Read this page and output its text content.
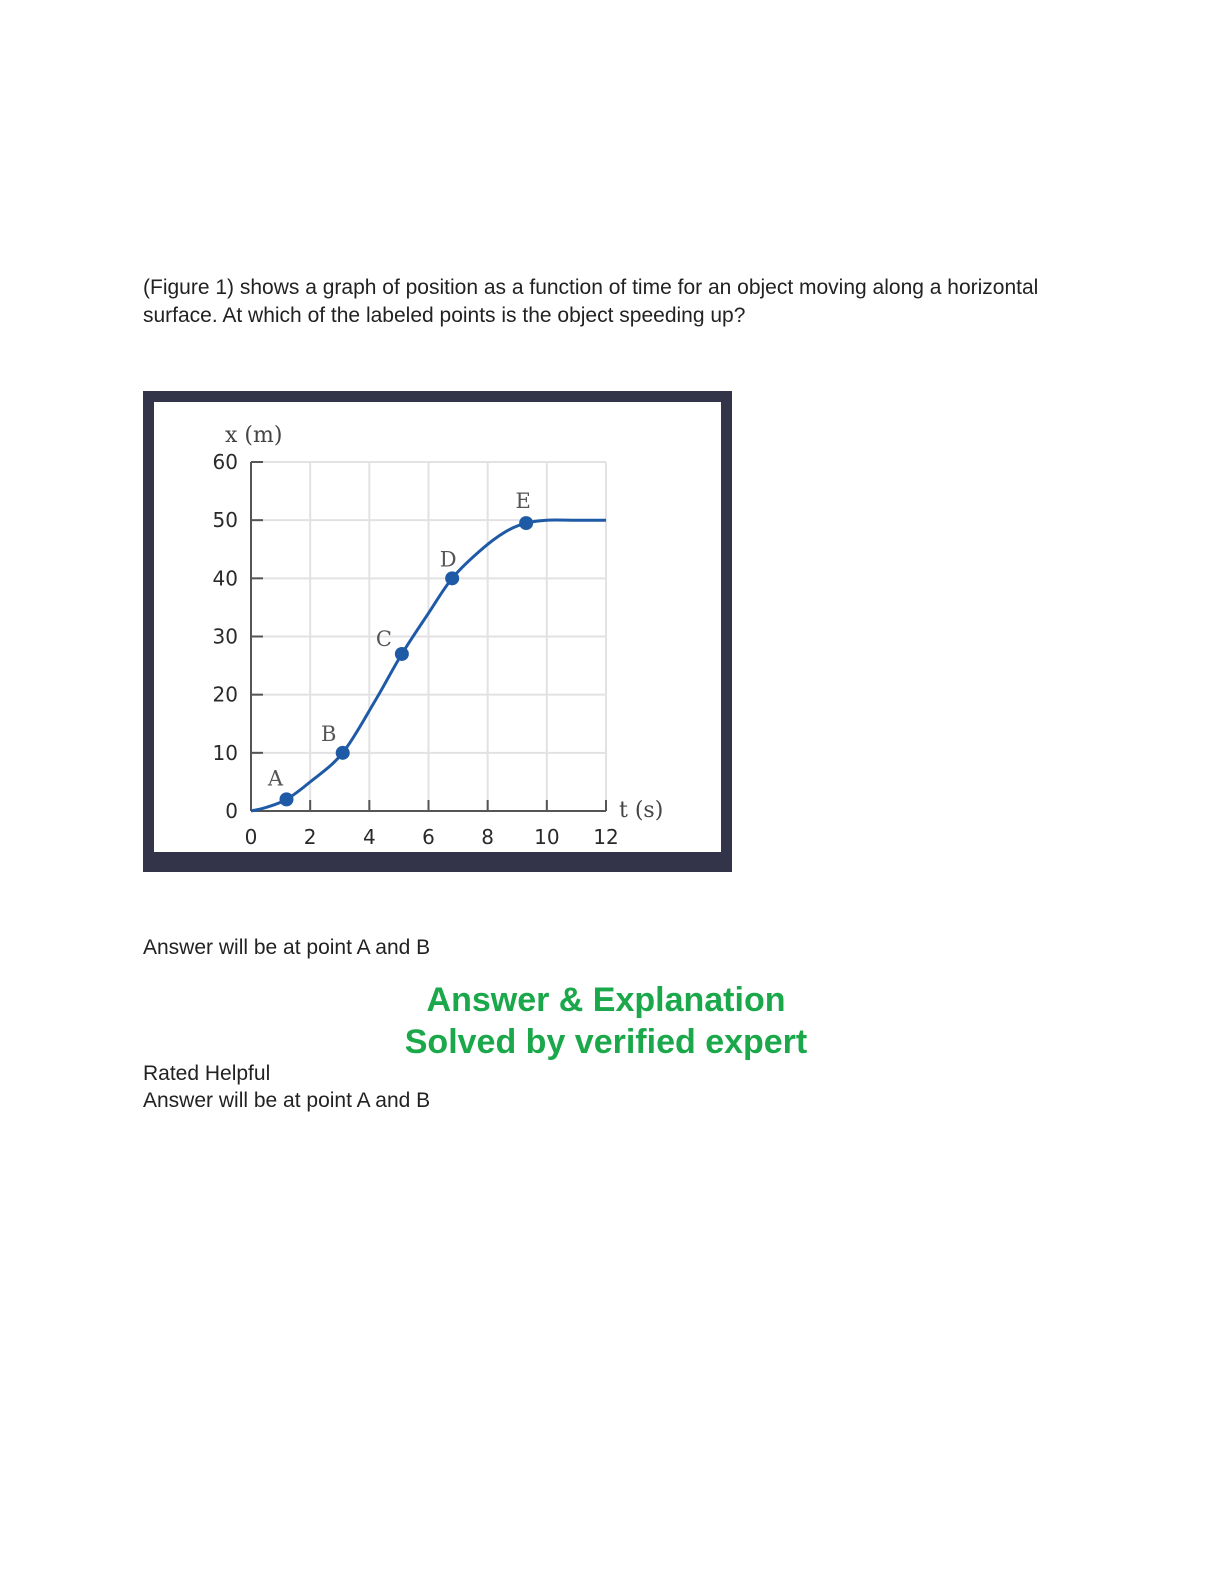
(Figure 1) shows a graph of position as a function of time for an object moving along a horizontal surface. At which of the labeled points is the object speeding up?

0
10
20
30
40
50
60
0 2 4 6 8 10 12
x (m)
t (s)
A
B
C
D
E

Answer will be at point A and B

Answer & Explanation

Solved by verified expert

Rated Helpful

Answer will be at point A and B
